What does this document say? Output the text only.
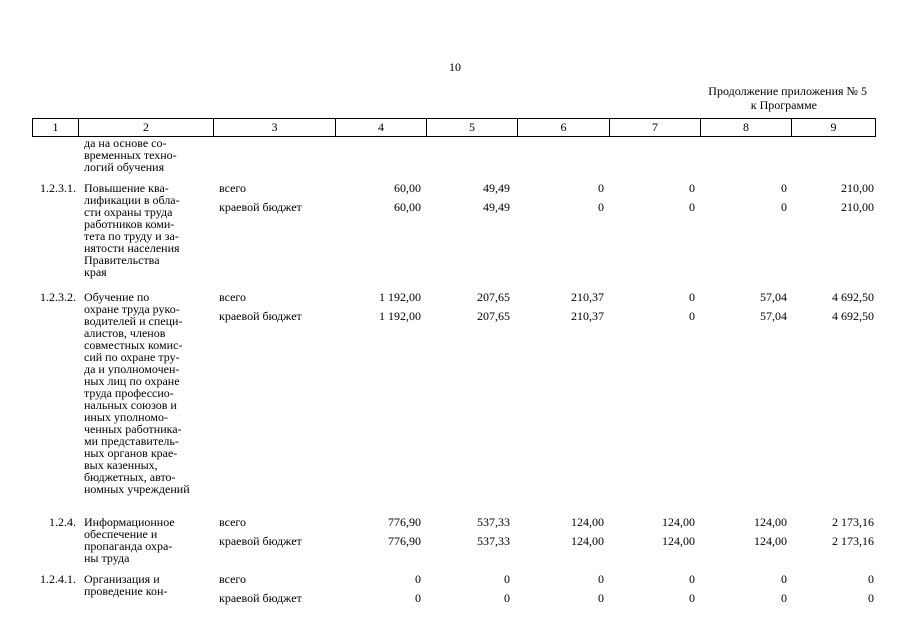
10
Продолжение приложения № 5
к Программе
1	2	3	4	5	6	7	8	9
да на основе со-
временных техно-
логий обучения
1.2.3.1. Повышение ква-
лификации в обла-
сти охраны труда
работников коми-
тета по труду и за-
нятости населения
Правительства
края
всего	60,00	49,49	0	0	0	210,00
краевой бюджет	60,00	49,49	0	0	0	210,00
1.2.3.2. Обучение по
охране труда руко-
водителей и специ-
алистов, членов
совместных комис-
сий по охране тру-
да и уполномочен-
ных лиц по охране
труда профессио-
нальных союзов и
иных уполномо-
ченных работника-
ми представитель-
ных органов крае-
вых казенных,
бюджетных, авто-
номных учреждений
всего	1 192,00	207,65	210,37	0	57,04	4 692,50
краевой бюджет	1 192,00	207,65	210,37	0	57,04	4 692,50
1.2.4. Информационное
обеспечение и
пропаганда охра-
ны труда
всего	776,90	537,33	124,00	124,00	124,00	2 173,16
краевой бюджет	776,90	537,33	124,00	124,00	124,00	2 173,16
1.2.4.1. Организация и
проведение кон-
всего	0	0	0	0	0	0
краевой бюджет	0	0	0	0	0	0
